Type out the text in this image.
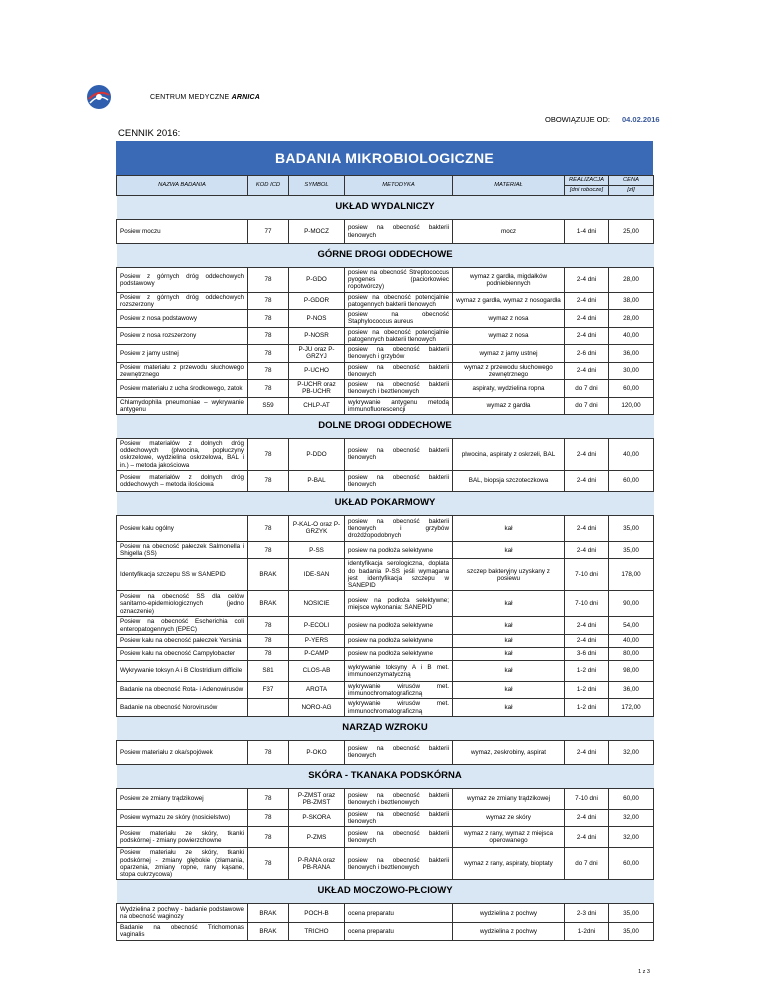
CENTRUM MEDYCZNE ARNICA
OBOWIĄZUJE OD: 04.02.2016
CENNIK 2016:
BADANIA MIKROBIOLOGICZNE
NAZWA BADANIA	KOD ICD	SYMBOL	METODYKA	MATERIAŁ	REALIZACJA	CENA
					[dni robocze]	[zł]
UKŁAD WYDALNICZY						
Posiew moczu	77	P-MOCZ	posiew na obecność bakterii tlenowych	mocz	1-4 dni	25,00
GÓRNE DROGI ODDECHOWE						
Posiew z górnych dróg oddechowych podstawowy	78	P-GDO	posiew na obecność Streptococcus pyogenes (paciorkowiec ropotwórczy)	wymaz z gardła, migdałków podniebiennych	2-4 dni	28,00
Posiew z górnych dróg oddechowych rozszerzony	78	P-GDOR	posiew na obecność potencjalnie patogennych bakterii tlenowych	wymaz z gardła, wymaz z nosogardła	2-4 dni	38,00
Posiew z nosa podstawowy	78	P-NOS	posiew na obecność Staphylococcus aureus	wymaz z nosa	2-4 dni	28,00
Posiew z nosa rozszerzony	78	P-NOSR	posiew na obecność potencjalnie patogennych bakterii tlenowych	wymaz z nosa	2-4 dni	40,00
Posiew z jamy ustnej	78	P-JU oraz P-GRZYJ	posiew na obecność bakterii tlenowych i grzybów	wymaz z jamy ustnej	2-6 dni	36,00
Posiew materiału z przewodu słuchowego zewnętrznego	78	P-UCHO	posiew na obecność bakterii tlenowych	wymaz z przewodu słuchowego zewnętrznego	2-4 dni	30,00
Posiew materiału z ucha środkowego, zatok	78	P-UCHR oraz PB-UCHR	posiew na obecność bakterii tlenowych i beztlenowych	aspiraty, wydzielina ropna	do 7 dni	60,00
Chlamydophila pneumoniae – wykrywanie antygenu	S59	CHLP-AT	wykrywanie antygenu metodą immunofluorescencji	wymaz z gardła	do 7 dni	120,00
DOLNE DROGI ODDECHOWE						
Posiew materiałów z dolnych dróg oddechowych (plwocina, popłuczyny oskrzelowe, wydzielina oskrzelowa, BAL i in.) – metoda jakościowa	78	P-DDO	posiew na obecność bakterii tlenowych	plwocina, aspiraty z oskrzeli, BAL	2-4 dni	40,00
Posiew materiałów z dolnych dróg oddechowych – metoda ilościowa	78	P-BAL	posiew na obecność bakterii tlenowych	BAL, biopsja szczoteczkowa	2-4 dni	60,00
UKŁAD POKARMOWY						
Posiew kału ogólny	78	P-KAL-O oraz P-GRZYK	posiew na obecność bakterii tlenowych i grzybów drożdżopodobnych	kał	2-4 dni	35,00
Posiew na obecność pałeczek Salmonella i Shigella (SS)	78	P-SS	posiew na podłoża selektywne	kał	2-4 dni	35,00
Identyfikacja szczepu SS w SANEPID	BRAK	IDE-SAN	identyfikacja serologiczna, doplata do badania P-SS jeśli wymagana jest identyfikacja szczepu w SANEPID	szczep bakteryjny uzyskany z posiewu	7-10 dni	178,00
Posiew na obecność SS dla celów sanitarno-epidemiologicznych (jedno oznaczenie)	BRAK	NOSICIE	posiew na podłoża selektywne; miejsce wykonania: SANEPID	kał	7-10 dni	90,00
Posiew na obecność Escherichia coli enteropatogennych (EPEC)	78	P-ECOLI	posiew na podłoża selektywne	kał	2-4 dni	54,00
Posiew kału na obecność pałeczek Yersinia	78	P-YERS	posiew na podłoża selektywne	kał	2-4 dni	40,00
Posiew kału na obecność Campylobacter	78	P-CAMP	posiew na podłoża selektywne	kał	3-6 dni	80,00
Wykrywanie toksyn A i B Clostridium difficile	S81	CLOS-AB	wykrywanie toksyny A i B met. immunoenzymatyczną	kał	1-2 dni	98,00
Badanie na obecność Rota- i Adenowirusów	F37	AROTA	wykrywanie wirusów met. immunochromatograficzną	kał	1-2 dni	36,00
Badanie na obecność Norovirusów		NORO-AG	wykrywanie wirusów met. immunochromatograficzną	kał	1-2 dni	172,00
NARZĄD WZROKU						
Posiew materiału z oka/spojówek	78	P-OKO	posiew na obecność bakterii tlenowych	wymaz, zeskrobiny, aspirat	2-4 dni	32,00
SKÓRA - TKANAKA PODSKÓRNA						
Posiew ze zmiany trądzikowej	78	P-ZMST oraz PB-ZMST	posiew na obecność bakterii tlenowych i beztlenowych	wymaz ze zmiany trądzikowej	7-10 dni	60,00
Posiew wymazu ze skóry (nosicielstwo)	78	P-SKORA	posiew na obecność bakterii tlenowych	wymaz ze skóry	2-4 dni	32,00
Posiew materiału ze skóry, tkanki podskórnej - zmiany powierzchowne	78	P-ZMS	posiew na obecność bakterii tlenowych	wymaz z rany, wymaz z miejsca operowanego	2-4 dni	32,00
Posiew materiału ze skóry, tkanki podskórnej - zmiany głębokie (złamania, oparzenia, zmiany ropne, rany kąsane, stopa cukrzycowa)	78	P-RANA oraz PB-RANA	posiew na obecność bakterii tlenowych i beztlenowych	wymaz z rany, aspiraty, bioptaty	do 7 dni	60,00
UKŁAD MOCZOWO-PŁCIOWY						
Wydzielina z pochwy - badanie podstawowe na obecność waginozy	BRAK	POCH-B	ocena preparatu	wydzielina z pochwy	2-3 dni	35,00
Badanie na obecność Trichomonas vaginalis	BRAK	TRICHO	ocena preparatu	wydzielina z pochwy	1-2dni	35,00
1 z 3
